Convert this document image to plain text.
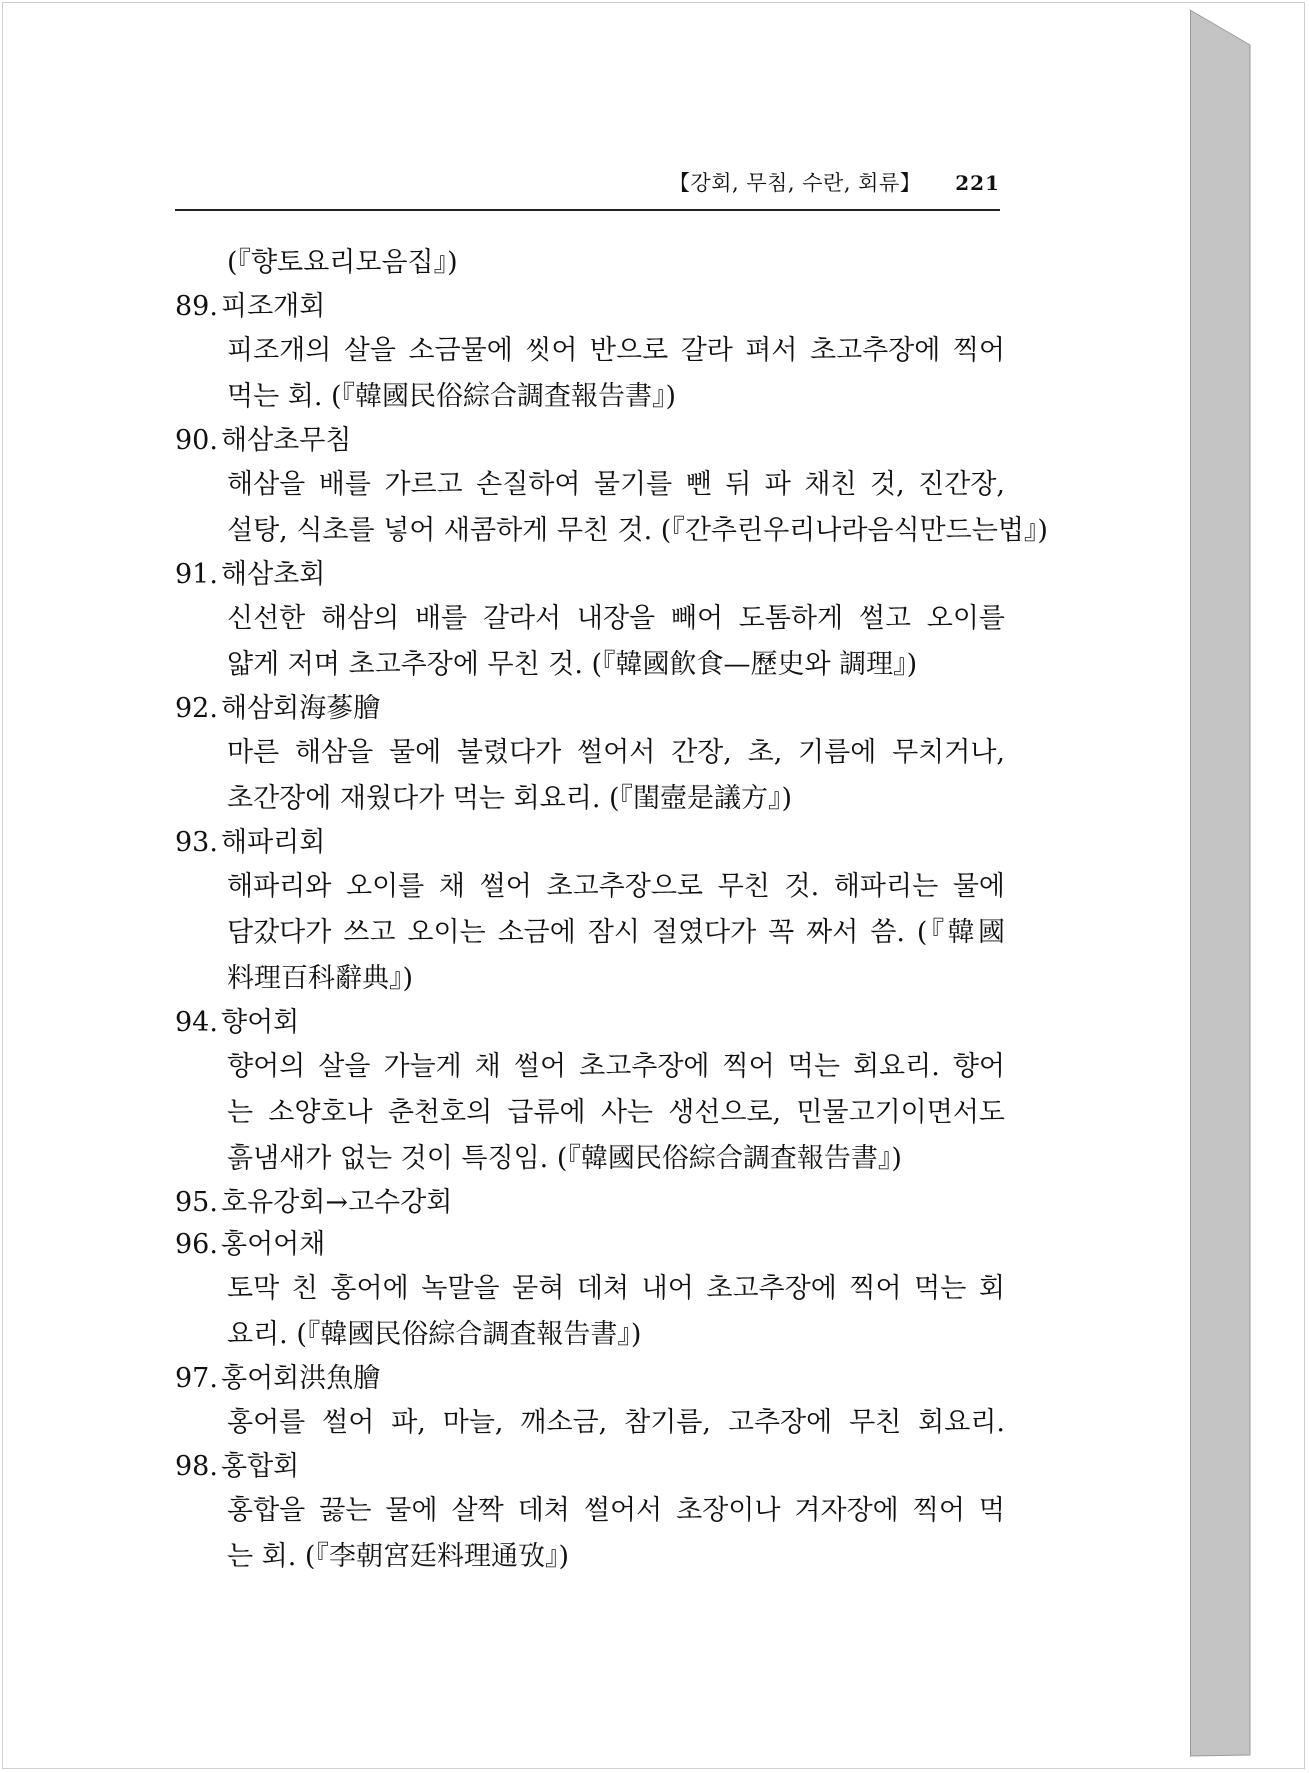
【강회, 무침, 수란, 회류】 221
(『향토요리모음집』)
89. 피조개회
피조개의 살을 소금물에 씻어 반으로 갈라 펴서 초고추장에 찍어
먹는 회. (『韓國民俗綜合調査報告書』)
90. 해삼초무침
해삼을 배를 가르고 손질하여 물기를 뺀 뒤 파 채친 것, 진간장,
설탕, 식초를 넣어 새콤하게 무친 것. (『간추린우리나라음식만드는법』)
91. 해삼초회
신선한 해삼의 배를 갈라서 내장을 빼어 도톰하게 썰고 오이를
얇게 저며 초고추장에 무친 것. (『韓國飮食—歷史와 調理』)
92. 해삼회海蔘膾
마른 해삼을 물에 불렸다가 썰어서 간장, 초, 기름에 무치거나,
초간장에 재웠다가 먹는 회요리. (『閨壼是議方』)
93. 해파리회
해파리와 오이를 채 썰어 초고추장으로 무친 것. 해파리는 물에
담갔다가 쓰고 오이는 소금에 잠시 절였다가 꼭 짜서 씀. (『韓國
料理百科辭典』)
94. 향어회
향어의 살을 가늘게 채 썰어 초고추장에 찍어 먹는 회요리. 향어
는 소양호나 춘천호의 급류에 사는 생선으로, 민물고기이면서도
흙냄새가 없는 것이 특징임. (『韓國民俗綜合調査報告書』)
95. 호유강회→고수강회
96. 홍어어채
토막 친 홍어에 녹말을 묻혀 데쳐 내어 초고추장에 찍어 먹는 회
요리. (『韓國民俗綜合調査報告書』)
97. 홍어회洪魚膾
홍어를 썰어 파, 마늘, 깨소금, 참기름, 고추장에 무친 회요리.
98. 홍합회
홍합을 끓는 물에 살짝 데쳐 썰어서 초장이나 겨자장에 찍어 먹
는 회. (『李朝宮廷料理通攷』)
